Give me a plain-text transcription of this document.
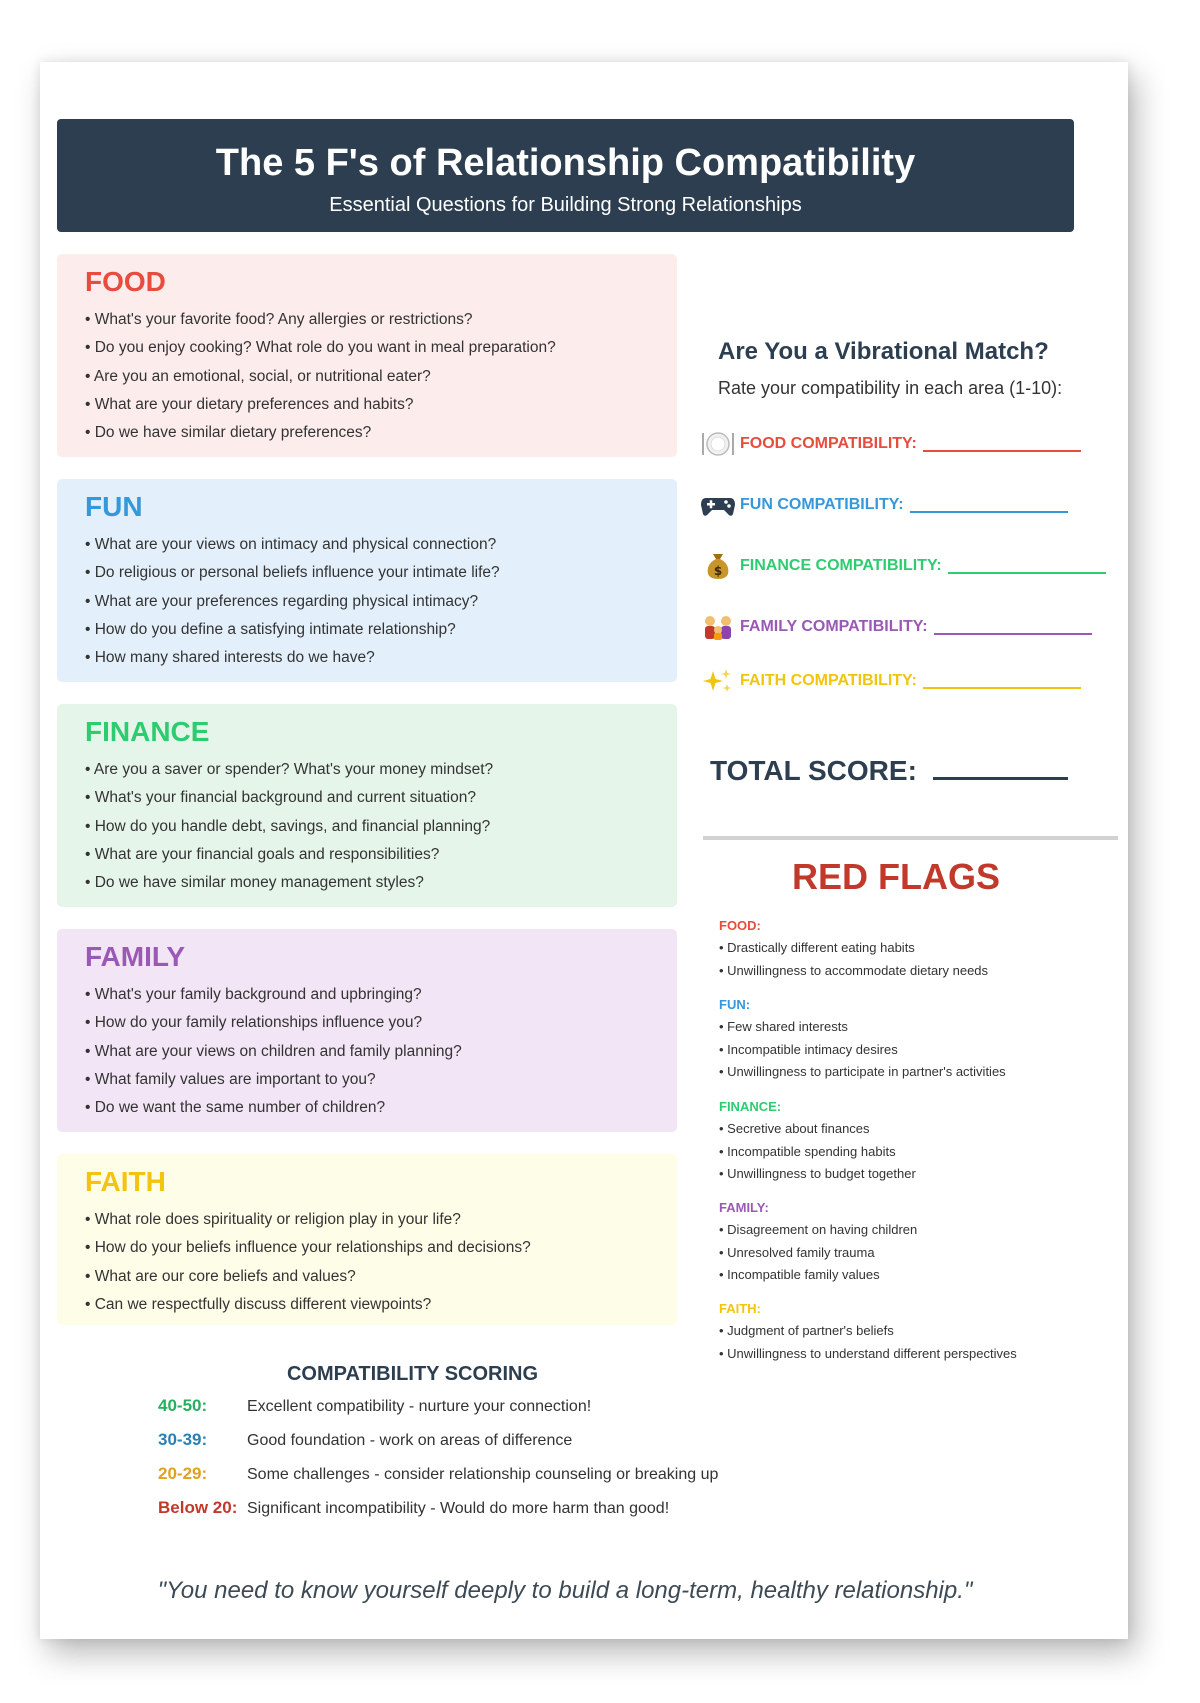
The 5 F's of Relationship Compatibility
Essential Questions for Building Strong Relationships
FOOD
• What's your favorite food? Any allergies or restrictions?
• Do you enjoy cooking? What role do you want in meal preparation?
• Are you an emotional, social, or nutritional eater?
• What are your dietary preferences and habits?
• Do we have similar dietary preferences?
FUN
• What are your views on intimacy and physical connection?
• Do religious or personal beliefs influence your intimate life?
• What are your preferences regarding physical intimacy?
• How do you define a satisfying intimate relationship?
• How many shared interests do we have?
FINANCE
• Are you a saver or spender? What's your money mindset?
• What's your financial background and current situation?
• How do you handle debt, savings, and financial planning?
• What are your financial goals and responsibilities?
• Do we have similar money management styles?
FAMILY
• What's your family background and upbringing?
• How do your family relationships influence you?
• What are your views on children and family planning?
• What family values are important to you?
• Do we want the same number of children?
FAITH
• What role does spirituality or religion play in your life?
• How do your beliefs influence your relationships and decisions?
• What are our core beliefs and values?
• Can we respectfully discuss different viewpoints?
Are You a Vibrational Match?
Rate your compatibility in each area (1-10):
FOOD COMPATIBILITY:
FUN COMPATIBILITY:
$ FINANCE COMPATIBILITY:
FAMILY COMPATIBILITY:
FAITH COMPATIBILITY:
TOTAL SCORE:
RED FLAGS
FOOD:
• Drastically different eating habits
• Unwillingness to accommodate dietary needs
FUN:
• Few shared interests
• Incompatible intimacy desires
• Unwillingness to participate in partner's activities
FINANCE:
• Secretive about finances
• Incompatible spending habits
• Unwillingness to budget together
FAMILY:
• Disagreement on having children
• Unresolved family trauma
• Incompatible family values
FAITH:
• Judgment of partner's beliefs
• Unwillingness to understand different perspectives
COMPATIBILITY SCORING
40-50:	Excellent compatibility - nurture your connection!
30-39:	Good foundation - work on areas of difference
20-29:	Some challenges - consider relationship counseling or breaking up
Below 20: Significant incompatibility - Would do more harm than good!
"You need to know yourself deeply to build a long-term, healthy relationship."
